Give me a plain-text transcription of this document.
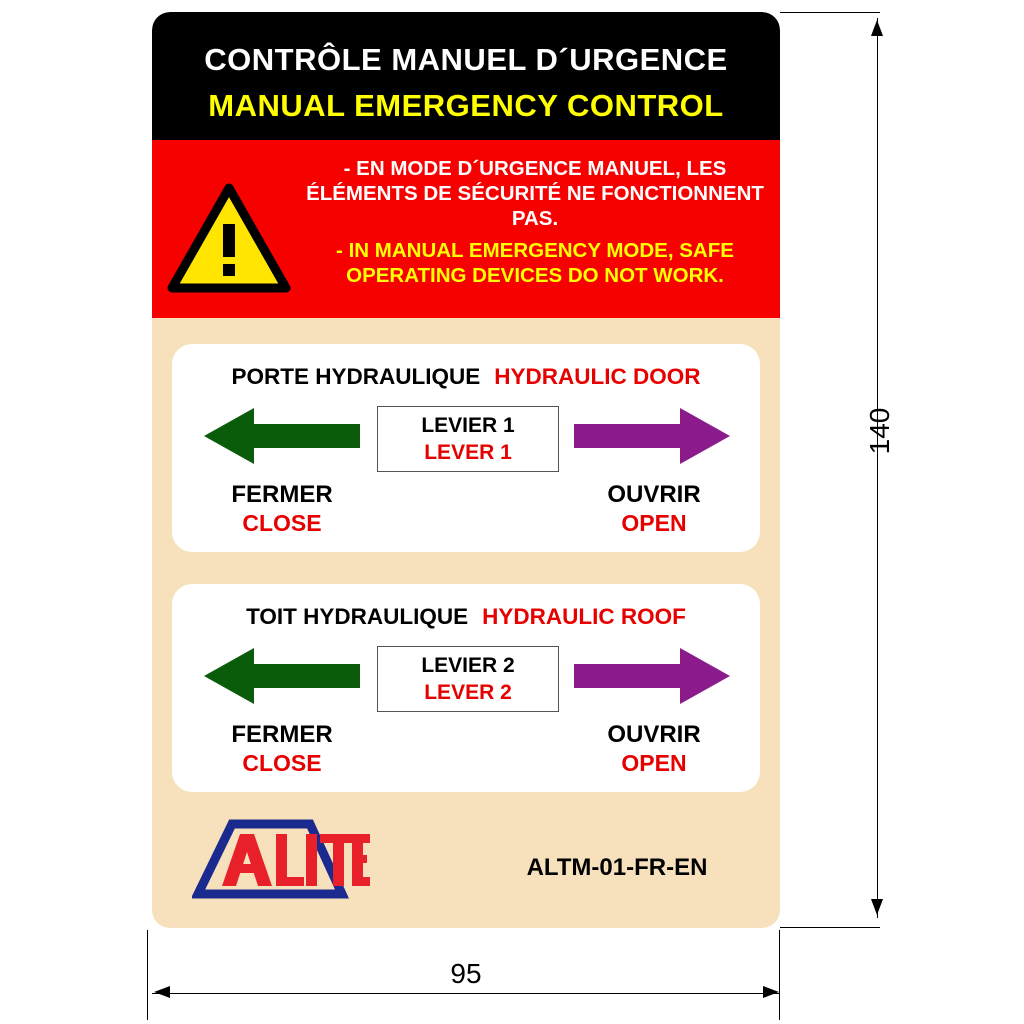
CONTRÔLE MANUEL D´URGENCE
MANUAL EMERGENCY CONTROL
- EN MODE D´URGENCE MANUEL, LES ÉLÉMENTS DE SÉCURITÉ NE FONCTIONNENT PAS.
- IN MANUAL EMERGENCY MODE, SAFE OPERATING DEVICES DO NOT WORK.
PORTE HYDRAULIQUE HYDRAULIC DOOR
LEVIER 1
LEVER 1
FERMER
CLOSE
OUVRIR
OPEN
TOIT HYDRAULIQUE HYDRAULIC ROOF
LEVIER 2
LEVER 2
FERMER
CLOSE
OUVRIR
OPEN
ALTM-01-FR-EN
140
95
